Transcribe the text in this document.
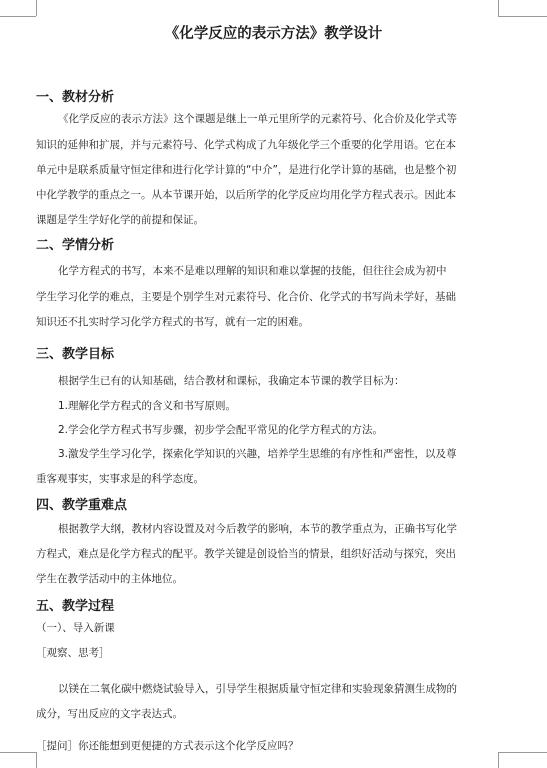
《化学反应的表示方法》教学设计
一、教材分析
《化学反应的表示方法》这个课题是继上一单元里所学的元素符号、化合价及化学式等
知识的延伸和扩展，并与元素符号、化学式构成了九年级化学三个重要的化学用语。它在本
单元中是联系质量守恒定律和进行化学计算的“中介”，是进行化学计算的基础，也是整个初
中化学教学的重点之一。从本节课开始，以后所学的化学反应均用化学方程式表示。因此本
课题是学生学好化学的前提和保证。
二、学情分析
化学方程式的书写，本来不是难以理解的知识和难以掌握的技能，但往往会成为初中
学生学习化学的难点，主要是个别学生对元素符号、化合价、化学式的书写尚未学好，基础
知识还不扎实时学习化学方程式的书写，就有一定的困难。
三、教学目标
根据学生已有的认知基础，结合教材和课标，我确定本节课的教学目标为：
1.理解化学方程式的含义和书写原则。
2.学会化学方程式书写步骤，初步学会配平常见的化学方程式的方法。
3.激发学生学习化学，探索化学知识的兴趣，培养学生思维的有序性和严密性，以及尊
重客观事实，实事求是的科学态度。
四、教学重难点
根据教学大纲，教材内容设置及对今后教学的影响，本节的教学重点为，正确书写化学
方程式，难点是化学方程式的配平。教学关键是创设恰当的情景，组织好活动与探究，突出
学生在教学活动中的主体地位。
五、教学过程
（一）、导入新课
［观察、思考］
以镁在二氧化碳中燃烧试验导入，引导学生根据质量守恒定律和实验现象猜测生成物的
成分，写出反应的文字表达式。
［提问］你还能想到更便捷的方式表示这个化学反应吗？
